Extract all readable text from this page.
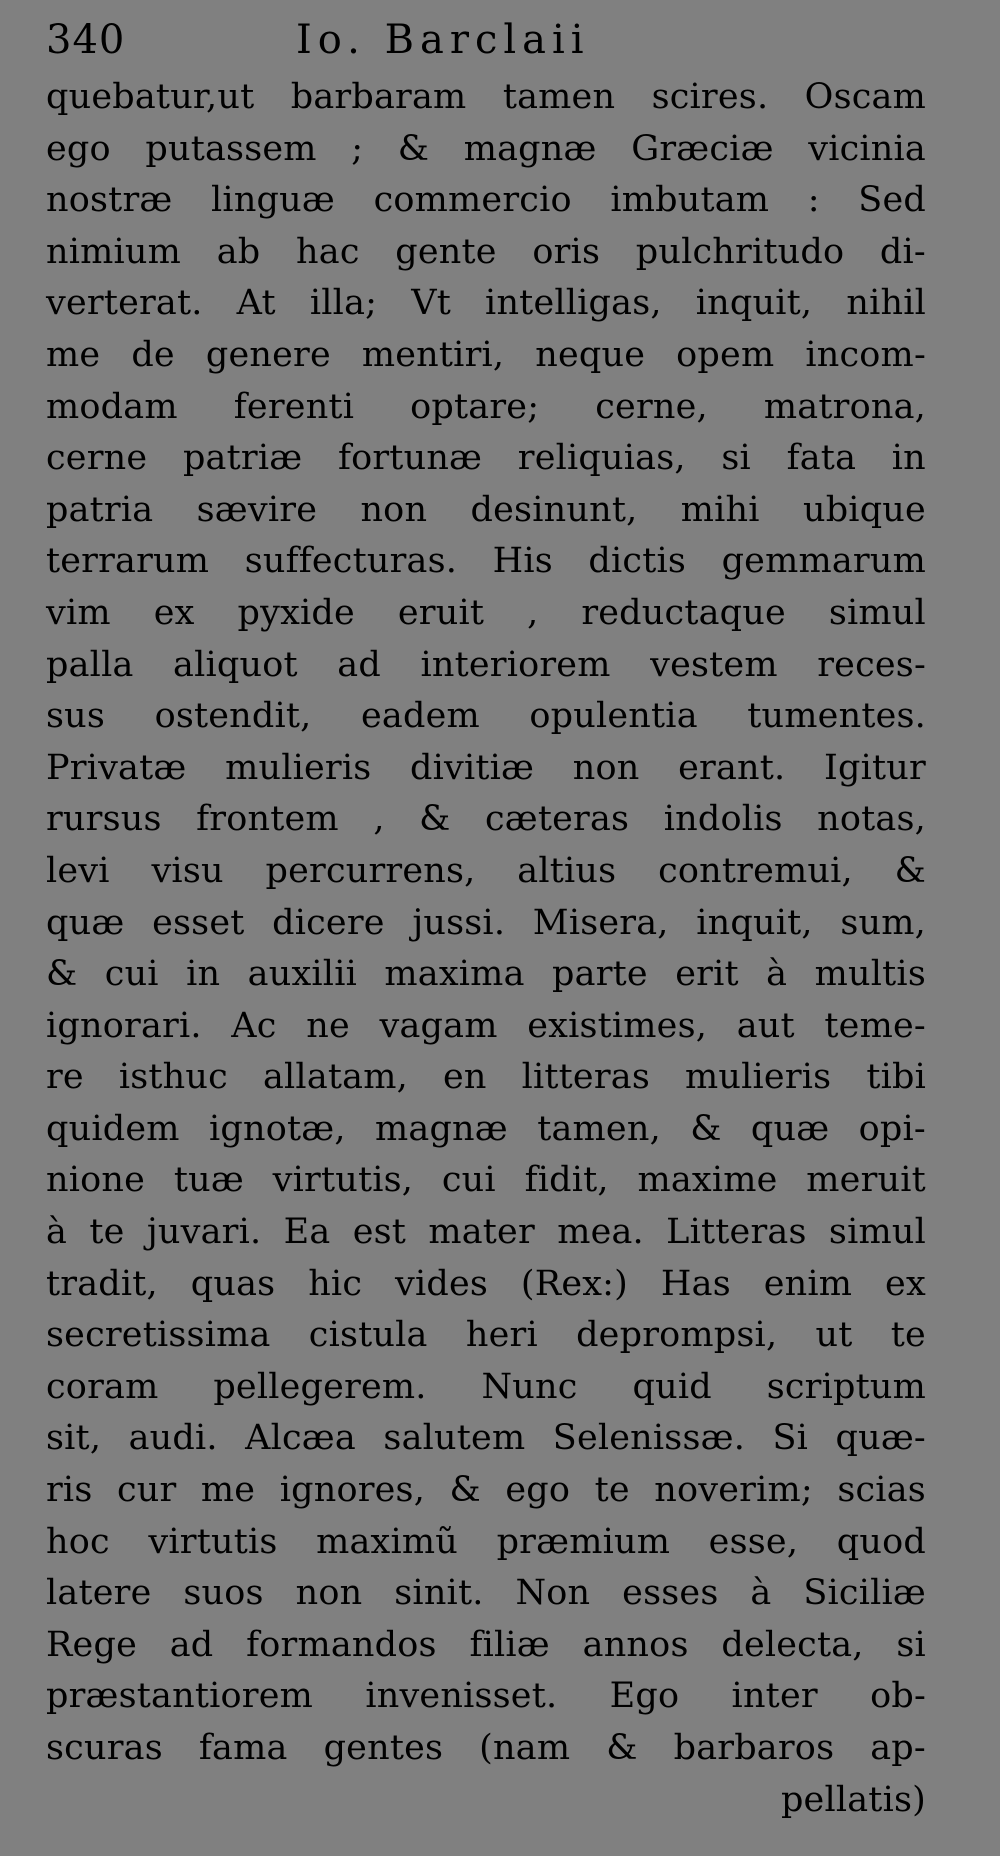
340	Io. Barclaii
quebatur,ut barbaram tamen scires. Oscam
ego putassem ; & magnæ Græciæ vicinia
nostræ linguæ commercio imbutam : Sed
nimium ab hac gente oris pulchritudo di-
verterat. At illa; Vt intelligas, inquit, nihil
me de genere mentiri, neque opem incom-
modam ferenti optare; cerne, matrona,
cerne patriæ fortunæ reliquias, si fata in
patria sævire non desinunt, mihi ubique
terrarum suffecturas. His dictis gemmarum
vim ex pyxide eruit , reductaque simul
palla aliquot ad interiorem vestem reces-
sus ostendit, eadem opulentia tumentes.
Privatæ mulieris divitiæ non erant. Igitur
rursus frontem , & cæteras indolis notas,
levi visu percurrens, altius contremui, &
quæ esset dicere jussi. Misera, inquit, sum,
& cui in auxilii maxima parte erit à multis
ignorari. Ac ne vagam existimes, aut teme-
re isthuc allatam, en litteras mulieris tibi
quidem ignotæ, magnæ tamen, & quæ opi-
nione tuæ virtutis, cui fidit, maxime meruit
à te juvari. Ea est mater mea. Litteras simul
tradit, quas hic vides (Rex:) Has enim ex
secretissima cistula heri deprompsi, ut te
coram pellegerem. Nunc quid scriptum
sit, audi. Alcæa salutem Selenissæ. Si quæ-
ris cur me ignores, & ego te noverim; scias
hoc virtutis maximũ præmium esse, quod
latere suos non sinit. Non esses à Siciliæ
Rege ad formandos filiæ annos delecta, si
præstantiorem invenisset. Ego inter ob-
scuras fama gentes (nam & barbaros ap-
pellatis)
